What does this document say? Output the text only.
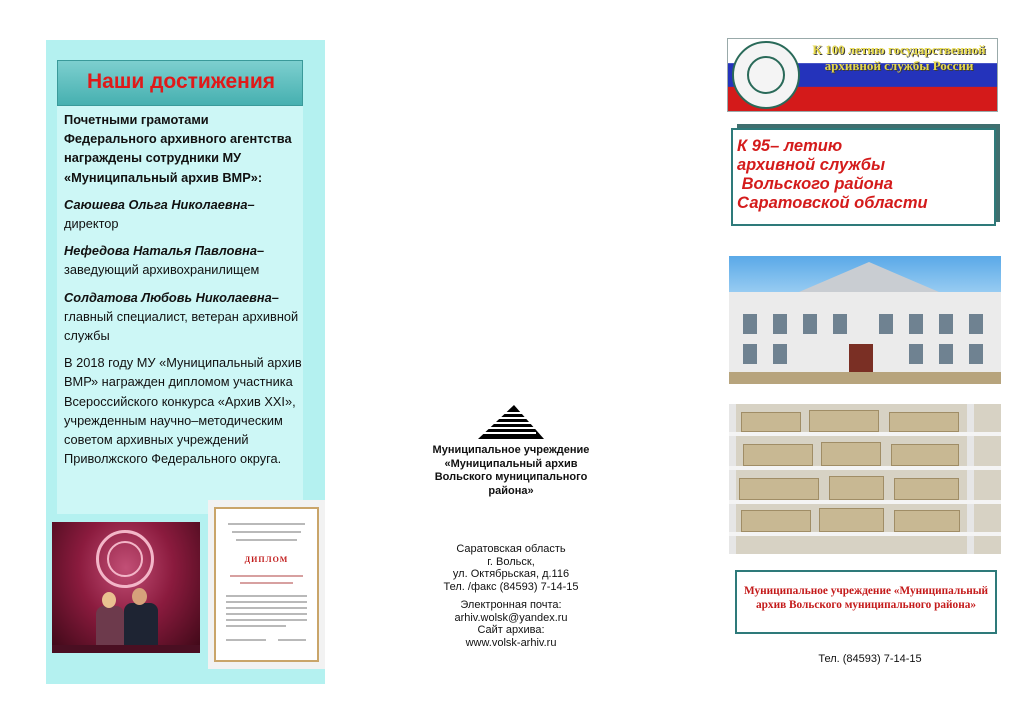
Наши достижения

Почетными грамотами Федерального архивного агентства награждены сотрудники МУ «Муниципальный архив ВМР»:

Саюшева Ольга Николаевна–
директор

Нефедова Наталья Павловна–
заведующий архивохранилищем

Солдатова Любовь Николаевна–
главный специалист, ветеран архивной службы

В 2018 году МУ «Муниципальный архив ВМР» награжден дипломом участника Всероссийского конкурса «Архив XXI», учрежденным научно–методическим советом архивных учреждений Приволжского Федерального округа.

ДИПЛОМ
Муниципальное учреждение «Муниципальный архив Вольского муниципального района»
Саратовская область
г. Вольск,
ул. Октябрьская, д.116
Тел. /факс (84593) 7-14-15
Электронная почта:
arhiv.wolsk@yandex.ru
Сайт архива:
www.volsk-arhiv.ru
К 100 летию государственной архивной службы России
К 95– летию
архивной службы
Вольского района
Саратовской области
Муниципальное учреждение «Муниципальный архив Вольского муниципального района»
Тел. (84593) 7-14-15
